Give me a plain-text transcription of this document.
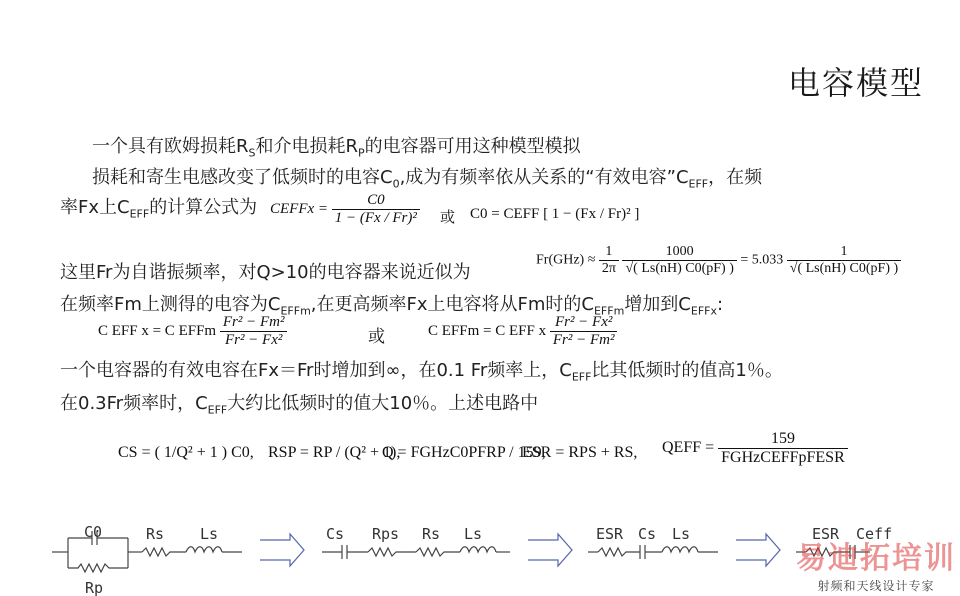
电容模型
一个具有欧姆损耗$R_S$和介电损耗$R_P$的电容器可用这种模型模拟
损耗和寄生电感改变了低频时的电容$C_0$,成为有频率依从关系的“有效电容$”C_{EFF}$，在频
率Fx上$C_{EFF}$的计算公式为 CEFFx = $\frac{C0}{\text{1 − (Fx / Fr)²}}$ 或 C0 = CEFF [ 1 − (Fx / Fr)² ]
这里Fr为自谐振频率，对Q>10的电容器来说近似为
$Fr(GHz) \approx \frac{1}{2\pi}$
$\frac{1000}{√( Ls(nH) C0(pF) )} = 5.033 \frac{1}{√( Ls(nH) C0(pF) )}$
在频率Fm上测得的电容为$C_{EFFm}$,在更高频率Fx上电容将从Fm时的$C_{EFFm}$增加到$C_{EFFx}$:
C EFF x = C EFFm $\frac{\text{Fr² − Fm²}}{\text{Fr² − Fx²}}$	或	C EFFm = C EFF x $\frac{\text{Fr² − Fx²}}{\text{Fr² − Fm²}}$
一个电容器的有效电容在Fx＝Fr时增加到∞，在0.1 Fr频率上，$C_{EFF}$比其低频时的值高1％。
在0.3Fr频率时，$C_{EFF}$大约比低频时的值大10％。上述电路中
CS = ( 1/Q² + 1 ) C0, RSP = RP / (Q² + 1),
Q = FGHzC0PFRP / 159,
ESR = RPS + RS, QEFF = $\frac{159}{\text{FGHzCEFFpFESR}}$
C0
Rp
Rs Ls	Cs Rps Rs Ls	ESR Cs Ls	ESR Ceff
易迪拓培训
射频和天线设计专家
